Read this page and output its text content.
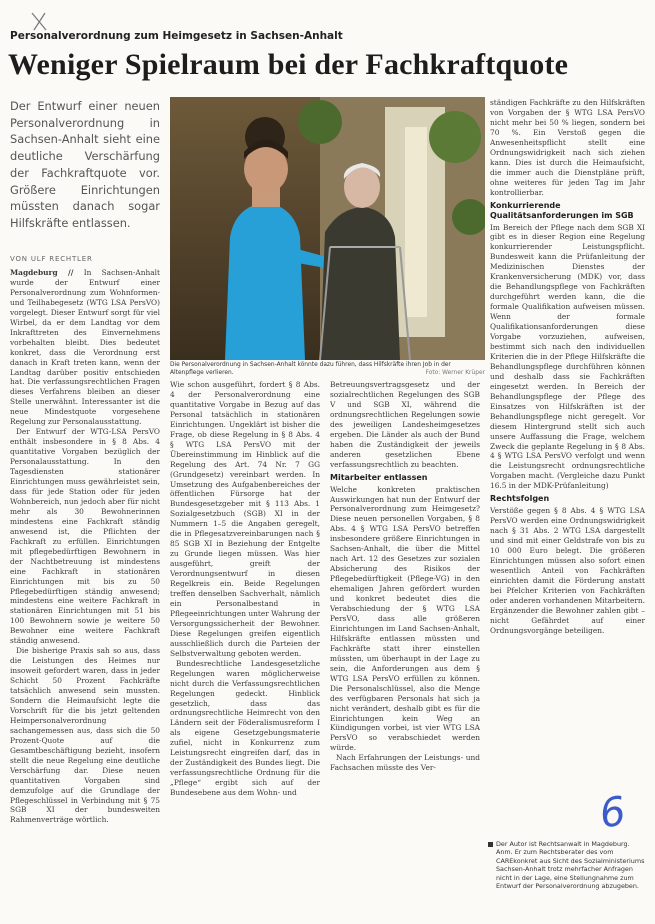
Personalverordnung zum Heimgesetz in Sachsen-Anhalt
Weniger Spielraum bei der Fachkraftquote
Der Entwurf einer neuen Personalverordnung in Sachsen-Anhalt sieht eine deutliche Verschärfung der Fachkraftquote vor. Größere Einrichtungen müssten danach sogar Hilfskräfte entlassen.
VON ULF RECHTLER

Magdeburg // In Sachsen-Anhalt wurde der Entwurf einer Personalverordnung zum Wohnformen- und Teilhabegesetz (WTG LSA PersVO) vorgelegt. Dieser Entwurf sorgt für viel Wirbel, da er dem Landtag vor dem Inkrafttreten des Einvernehmens vorbehalten bleibt. Dies bedeutet konkret, dass die Verordnung erst danach in Kraft treten kann, wenn der Landtag darüber positiv entschieden hat. Die verfassungsrechtlichen Fragen dieses Verfahrens bleiben an dieser Stelle unerwähnt. Interessanter ist die neue Mindestquote vorgesehene Regelung zur Personalausstattung.

Der Entwurf der WTG-LSA PersVO enthält insbesondere in § 8 Abs. 4 quantitative Vorgaben bezüglich der Personalausstattung. In den Tagesdiensten stationärer Einrichtungen muss gewährleistet sein, dass für jede Station oder für jeden Wohnbereich, nun jedoch aber für nicht mehr als 30 Bewohnerinnen mindestens eine Fachkraft ständig anwesend ist, die Pflichten der Fachkraft zu erfüllen. Einrichtungen mit pflegebedürftigen Bewohnern in der Nachtbetreuung ist mindestens eine Fachkraft in stationären Einrichtungen mit bis zu 50 Pflegebedürftigen ständig anwesend; mindestens eine weitere Fachkraft in stationären Einrichtungen mit 51 bis 100 Bewohnern sowie je weitere 50 Bewohner eine weitere Fachkraft ständig anwesend.

Die bisherige Praxis sah so aus, dass die Leistungen des Heimes nur insoweit gefordert waren, dass in jeder Schicht 50 Prozent Fachkräfte tatsächlich anwesend sein mussten. Sondern die Heimaufsicht legte die Vorschrift für die bis jetzt geltenden Heimpersonalverordnung sachangemessen aus, dass sich die 50 Prozent-Quote auf die Gesamtbeschäftigung bezieht, insofern stellt die neue Regelung eine deutliche Verschärfung dar. Diese neuen quantitativen Vorgaben sind demzufolge auf die Grundlage der Pflegeschlüssel in Verbindung mit § 75 SGB XI der bundesweiten Rahmenverträge wörtlich.

Die Personalverordnung in Sachsen-Anhalt könnte dazu führen, dass Hilfskräfte ihren Job in der Altenpflege verlieren.	Foto: Werner Krüper

Wie schon ausgeführt, fordert § 8 Abs. 4 der Personalverordnung eine quantitative Vorgabe in Bezug auf das Personal tatsächlich in stationären Einrichtungen. Ungeklärt ist bisher die Frage, ob diese Regelung in § 8 Abs. 4 § WTG LSA PersVO mit der Übereinstimmung im Hinblick auf die Regelung des Art. 74 Nr. 7 GG (Grundgesetz) vereinbart werden. In Umsetzung des Aufgabenbereiches der öffentlichen Fürsorge hat der Bundesgesetzgeber mit § 113 Abs. 1 Sozialgesetzbuch (SGB) XI in der Nummern 1–5 die Angaben geregelt, die in Pflegesatzvereinbarungen nach § 85 SGB XI in Beziehung der Entgelte zu Grunde liegen müssen. Was hier ausgeführt, greift der Verordnungsentwurf in diesen Regelkreis ein. Beide Regelungen treffen denselben Sachverhalt, nämlich ein Personalbestand in Pflegeeinrichtungen unter Wahrung der Versorgungssicherheit der Bewohner. Diese Regelungen greifen eigentlich ausschließlich durch die Parteien der Selbstverwaltung geboten werden.

Bundesrechtliche Landesgesetzliche Regelungen waren möglicherweise nicht durch die Verfassungsrechtlichen Regelungen gedeckt. Hinblick gesetzlich, dass das ordnungsrechtliche Heimrecht von den Ländern seit der Föderalismusreform I als eigene Gesetzgebungsmaterie zufiel, nicht in Konkurrenz zum Leistungsrecht eingreifen darf, das in der Zuständigkeit des Bundes liegt. Die verfassungsrechtliche Ordnung für die „Pflege“ ergibt sich auf der Bundesebene aus dem Wohn- und

Betreuungsvertragsgesetz und der sozialrechtlichen Regelungen des SGB V und SGB XI, während die ordnungsrechtlichen Regelungen sowie des jeweiligen Landesheimgesetzes ergeben. Die Länder als auch der Bund haben die Zuständigkeit der jeweils anderen gesetzlichen Ebene verfassungsrechtlich zu beachten.

Mitarbeiter entlassen

Welche konkreten praktischen Auswirkungen hat nun der Entwurf der Personalverordnung zum Heimgesetz? Diese neuen personellen Vorgaben, § 8 Abs. 4 § WTG LSA PersVO betreffen insbesondere größere Einrichtungen in Sachsen-Anhalt, die über die Mittel nach Art. 12 des Gesetzes zur sozialen Absicherung des Risikos der Pflegebedürftigkeit (Pflege-VG) in den ehemaligen Jahren gefördert wurden und konkret bedeutet dies die Verabschiedung der § WTG LSA PersVO, dass alle größeren Einrichtungen im Land Sachsen-Anhalt, Hilfskräfte entlassen müssten und Fachkräfte statt ihrer einstellen müssten, um überhaupt in der Lage zu sein, die Anforderungen aus dem § WTG LSA PersVO erfüllen zu können. Die Personalschlüssel, also die Menge des verfügbaren Personals hat sich ja nicht verändert, deshalb gibt es für die Einrichtungen kein Weg an Kündigungen vorbei, ist vier WTG LSA PersVO so verabschiedet werden würde.

Nach Erfahrungen der Leistungs- und Fachsachen müsste des Ver-

ständigen Fachkräfte zu den Hilfskräften von Vorgaben der § WTG LSA PersVO nicht mehr bei 50 % liegen, sondern bei 70 %. Ein Verstoß gegen die Anwesenheitspflicht stellt eine Ordnungswidrigkeit nach sich ziehen kann. Dies ist durch die Heimaufsicht, die immer auch die Dienstpläne prüft, ohne weiteres für jeden Tag im Jahr kontrollierbar.

Konkurrierende Qualitätsanforderungen im SGB

Im Bereich der Pflege nach dem SGB XI gibt es in dieser Region eine Regelung konkurrierender Leistungspflicht. Bundesweit kann die Prüfanleitung der Medizinischen Dienstes der Krankenversicherung (MDK) vor, dass die Behandlungspflege von Fachkräften durchgeführt werden kann, die die formale Qualifikation aufweisen müssen. Wenn der formale Qualifikationsanforderungen diese Vorgabe vorzuziehen, aufweisen, bestimmt sich nach den individuellen Kriterien die in der Pflege Hilfskräfte die Behandlungspflege durchführen können und deshalb dass sie Fachkräften eingesetzt werden. In Bereich der Behandlungspflege der Pflege des Einsatzes von Hilfskräften ist der Behandlungspflege nicht geregelt. Vor diesem Hintergrund stellt sich auch unsere Auffassung die Frage, welchem Zweck die geplante Regelung in § 8 Abs. 4 § WTG LSA PersVO verfolgt und wenn die Leistungsrecht ordnungsrechtliche Vorgaben macht. (Vergleiche dazu Punkt 16.5 in der MDK-Prüfanleitung)

Rechtsfolgen

Verstöße gegen § 8 Abs. 4 § WTG LSA PersVO werden eine Ordnungswidrigkeit nach § 31 Abs. 2 WTG LSA dargestellt und sind mit einer Geldstrafe von bis zu 10 000 Euro belegt. Die größeren Einrichtungen müssen also sofort einen wesentlich Anteil von Fachkräften einrichten damit die Förderung anstatt bei Pfelcher Kriterien von Fachkräften oder anderen vorhandenen Mitarbeitern. Ergänzender die Bewohner zahlen gibt – nicht Gefährdet auf einer Ordnungsvorgänge beteiligen.

6
Der Autor ist Rechtsanwalt in Magdeburg. Anm. Er zum Rechtsberater des vom CAREkonkret aus Sicht des Sozialministeriums Sachsen-Anhalt trotz mehrfacher Anfragen nicht in der Lage, eine Stellungnahme zum Entwurf der Personalverordnung abzugeben.
